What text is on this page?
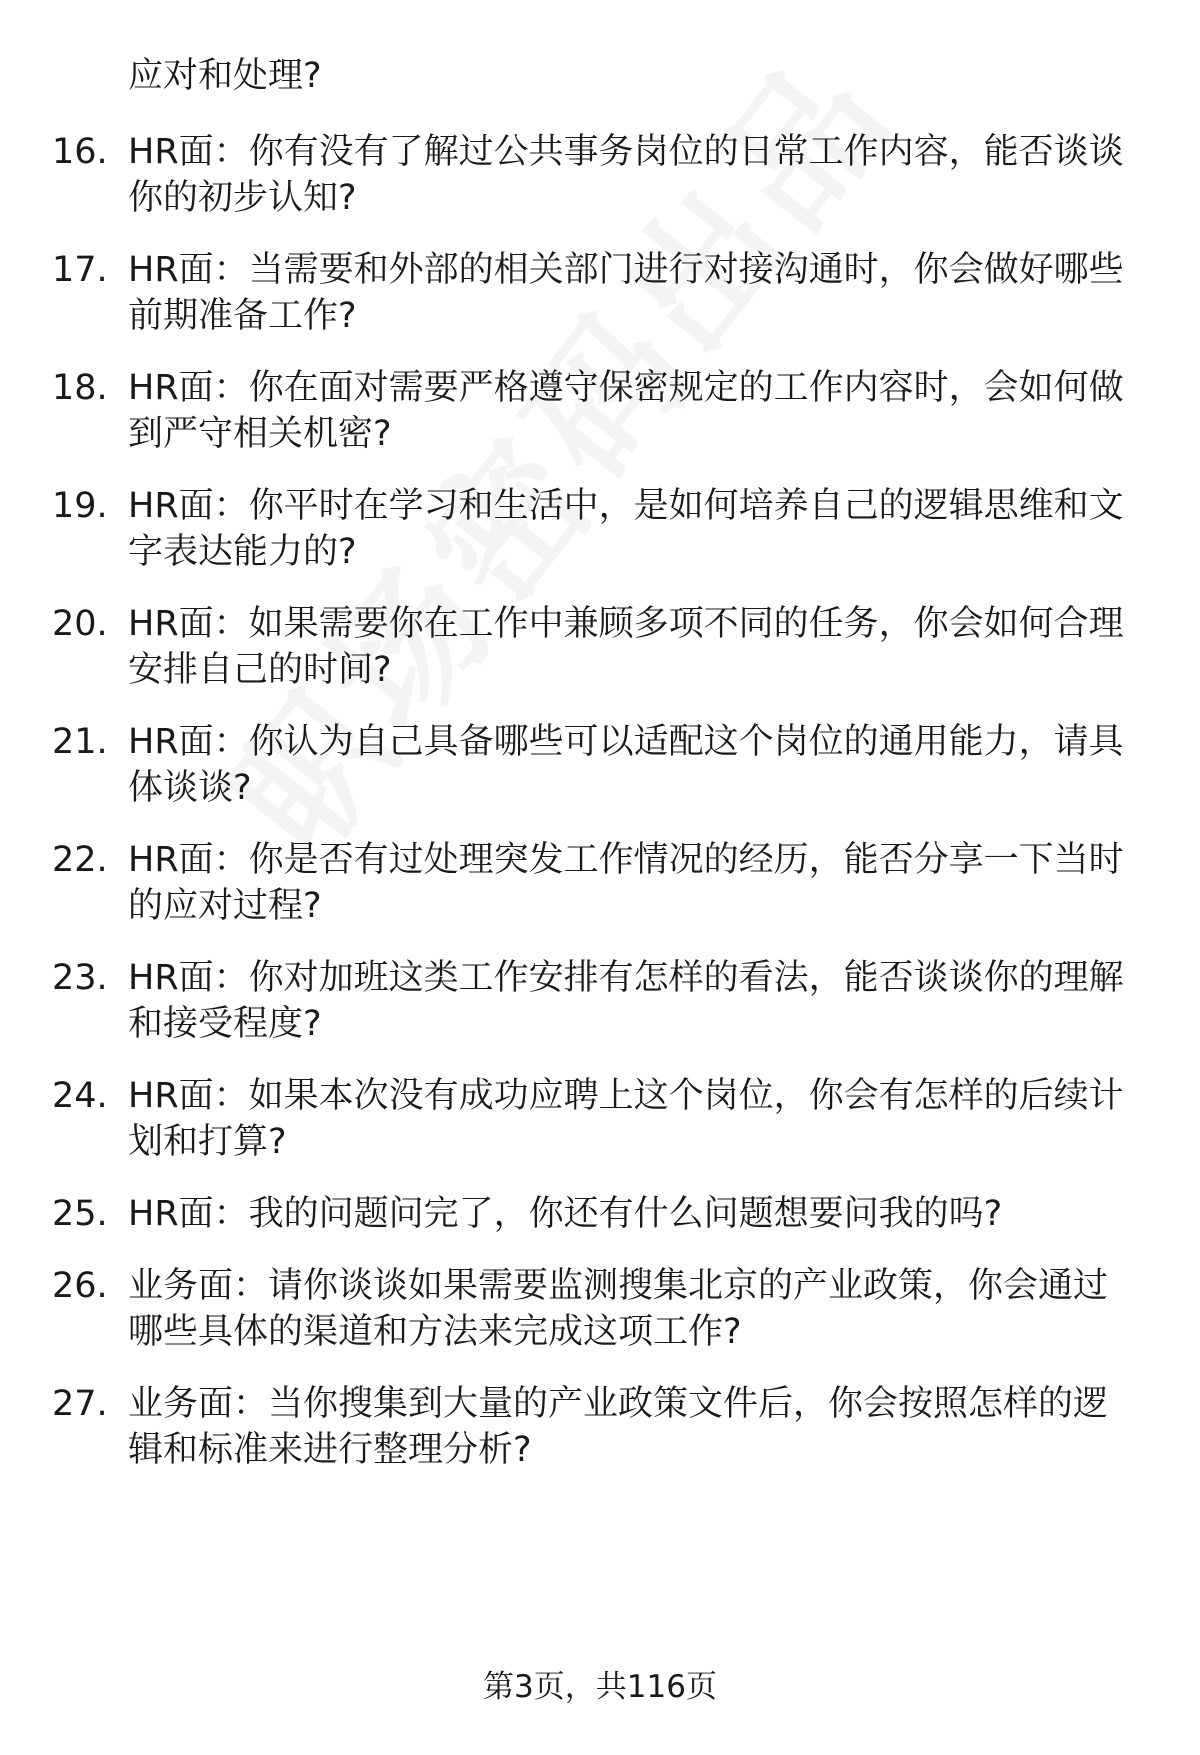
应对和处理?
16. HR面：你有没有了解过公共事务岗位的日常工作内容，能否谈谈
你的初步认知?
17. HR面：当需要和外部的相关部门进行对接沟通时，你会做好哪些
前期准备工作?
18. HR面：你在面对需要严格遵守保密规定的工作内容时，会如何做
到严守相关机密?
19. HR面：你平时在学习和生活中，是如何培养自己的逻辑思维和文
字表达能力的?
20. HR面：如果需要你在工作中兼顾多项不同的任务，你会如何合理
安排自己的时间?
21. HR面：你认为自己具备哪些可以适配这个岗位的通用能力，请具
体谈谈?
22. HR面：你是否有过处理突发工作情况的经历，能否分享一下当时
的应对过程?
23. HR面：你对加班这类工作安排有怎样的看法，能否谈谈你的理解
和接受程度?
24. HR面：如果本次没有成功应聘上这个岗位，你会有怎样的后续计
划和打算?
25. HR面：我的问题问完了，你还有什么问题想要问我的吗?
26. 业务面：请你谈谈如果需要监测搜集北京的产业政策，你会通过
哪些具体的渠道和方法来完成这项工作?
27. 业务面：当你搜集到大量的产业政策文件后，你会按照怎样的逻
辑和标准来进行整理分析?
第3页，共116页
